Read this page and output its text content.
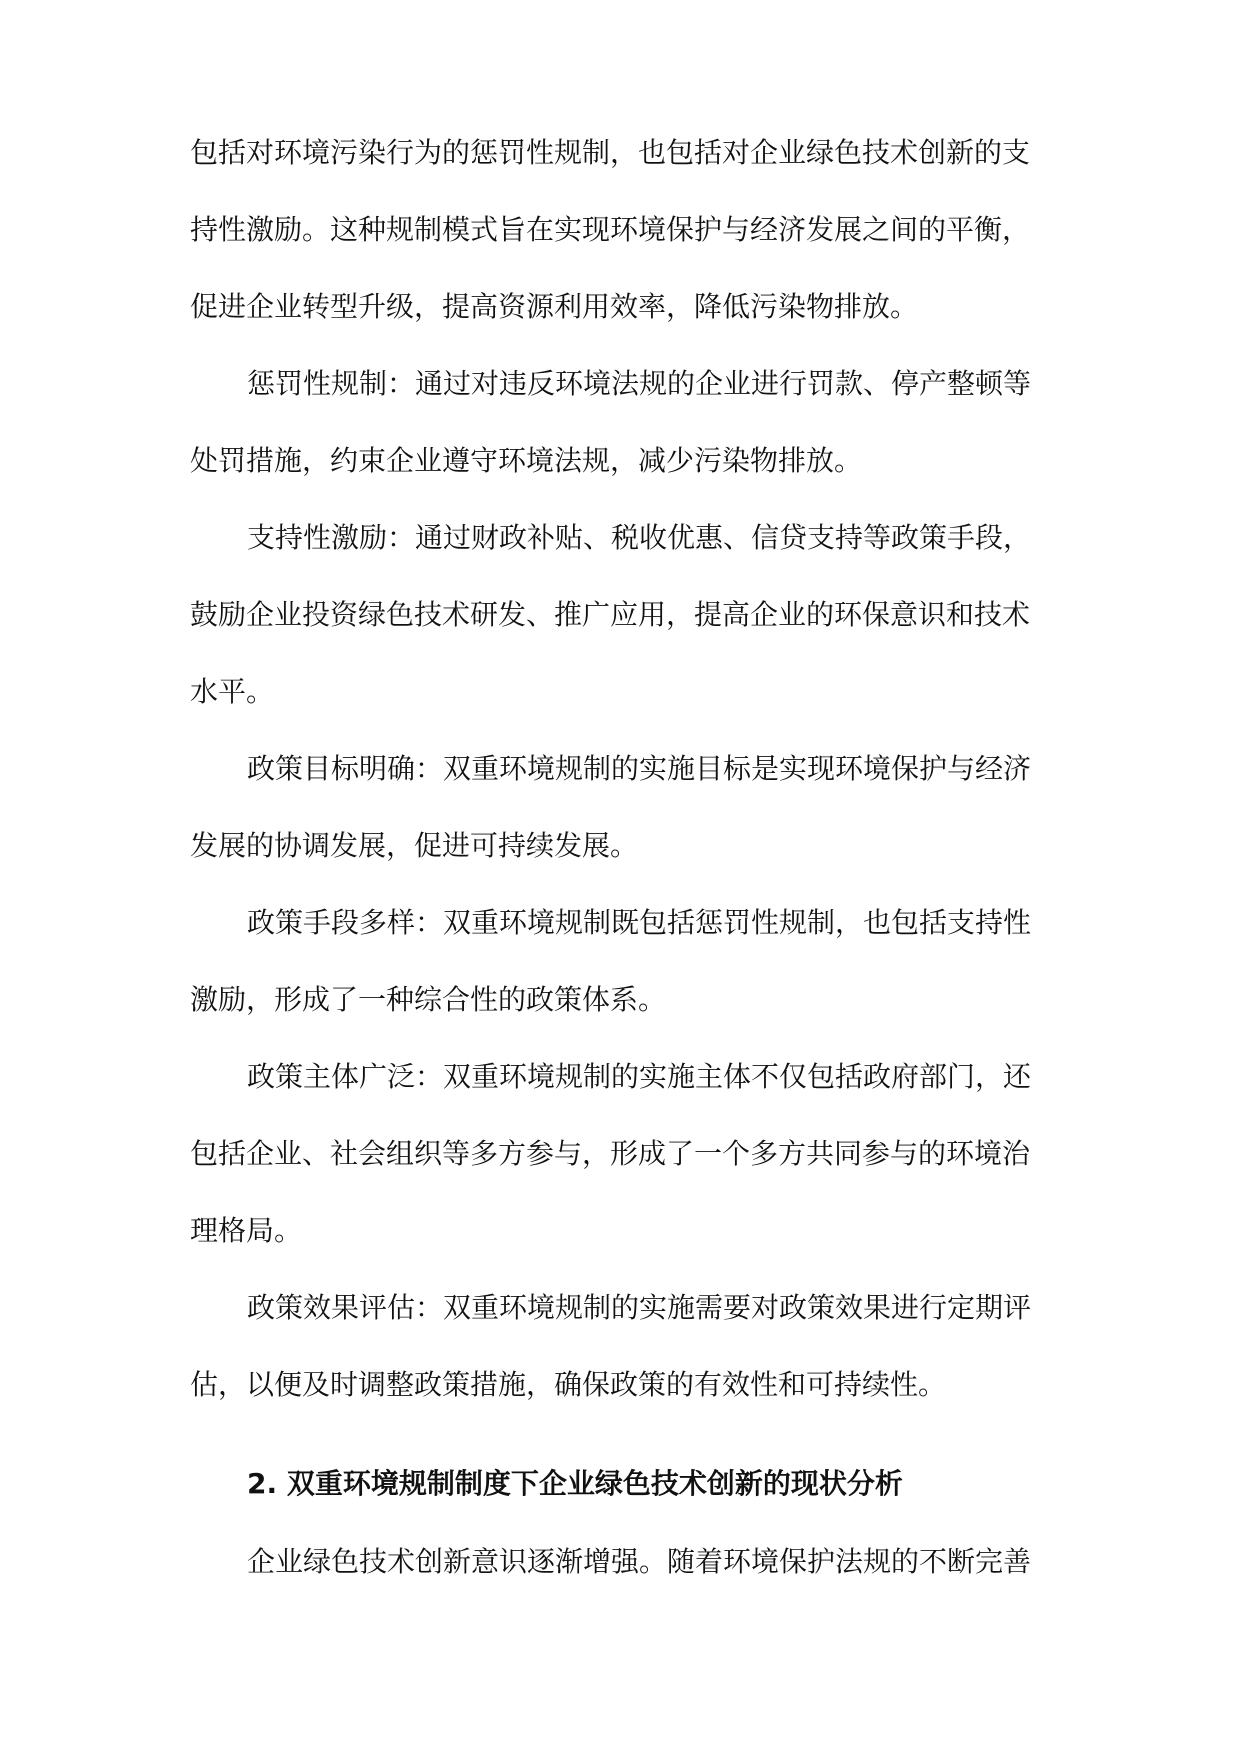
包括对环境污染行为的惩罚性规制，也包括对企业绿色技术创新的支

持性激励。这种规制模式旨在实现环境保护与经济发展之间的平衡，

促进企业转型升级，提高资源利用效率，降低污染物排放。

惩罚性规制：通过对违反环境法规的企业进行罚款、停产整顿等

处罚措施，约束企业遵守环境法规，减少污染物排放。

支持性激励：通过财政补贴、税收优惠、信贷支持等政策手段，

鼓励企业投资绿色技术研发、推广应用，提高企业的环保意识和技术

水平。

政策目标明确：双重环境规制的实施目标是实现环境保护与经济

发展的协调发展，促进可持续发展。

政策手段多样：双重环境规制既包括惩罚性规制，也包括支持性

激励，形成了一种综合性的政策体系。

政策主体广泛：双重环境规制的实施主体不仅包括政府部门，还

包括企业、社会组织等多方参与，形成了一个多方共同参与的环境治

理格局。

政策效果评估：双重环境规制的实施需要对政策效果进行定期评

估，以便及时调整政策措施，确保政策的有效性和可持续性。

2. 双重环境规制制度下企业绿色技术创新的现状分析

企业绿色技术创新意识逐渐增强。随着环境保护法规的不断完善
